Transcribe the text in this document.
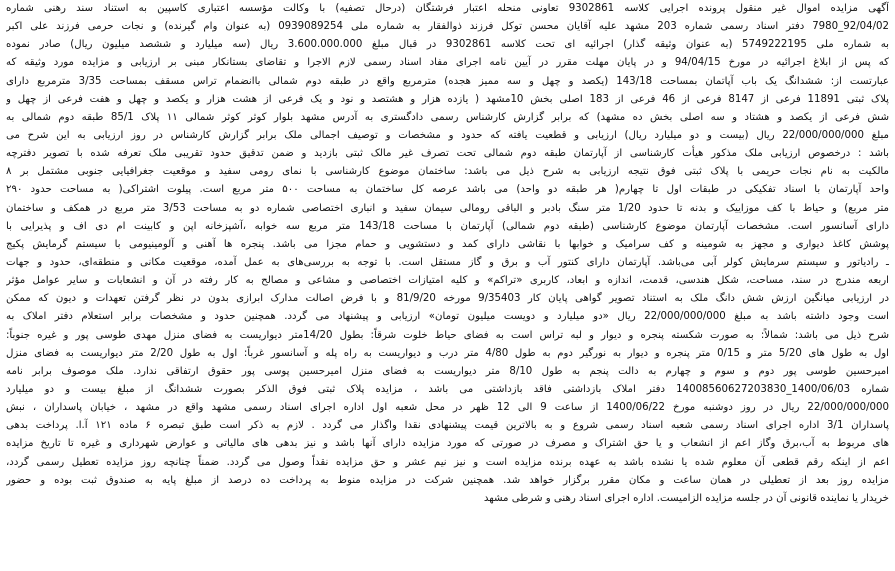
آگهی مزایده اموال غیر منقول پرونده اجرایی کلاسه 9302861 تعاونی منحله اعتبار فرشتگان (درحال تصفیه) با وکالت مؤسسه اعتباری کاسپین به استناد سند رهنی شماره
92/04/02_7980 دفتر اسناد رسمی شماره 203 مشهد علیه آقایان محسن توکل فرزند ذوالفقار به شماره ملی 0939089254 (به عنوان وام گیرنده) و نجات حرمی فرزند علی اکبر
به شماره ملی 5749222195 (به عنوان وثیقه گذار) اجرائیه ای تحت کلاسه 9302861 در قبال مبلغ 3.600.000.000 ریال (سه میلیارد و ششصد میلیون ریال) صادر نموده
که پس از ابلاغ اجرائیه در مورخ 94/04/15 و در پایان مهلت مقرر در آیین نامه اجرای مفاد اسناد رسمی لازم الاجرا و تقاضای بستانکار مبنی بر ارزیابی و مزایده مورد وثیقه که
عبارتست از: ششدانگ یک باب آپاتمان بمساحت 143/18 (یکصد و چهل و سه ممیز هجده) مترمربع واقع در طبقه دوم شمالی باانضمام تراس مسقف بمساحت 3/35 مترمربع دارای
پلاک ثبتی 11891 فرعی از 8147 فرعی از 46 فرعی از 183 اصلی بخش 10مشهد ( یازده هزار و هشتصد و نود و یک فرعی از هشت هزار و یکصد و چهل و هفت فرعی از چهل و
شش فرعی از یکصد و هشتاد و سه اصلی بخش ده مشهد) که برابر گزارش کارشناس رسمی دادگستری به آدرس مشهد بلوار کوثر کوثر شمالی ۱۱ پلاک 85/1 طبقه دوم شمالی به
مبلغ 22/000/000/000 ریال (بیست و دو میلیارد ریال) ارزیابی و قطعیت یافته که حدود و مشخصات و توصیف اجمالی ملک برابر گزارش کارشناس در روز ارزیابی به این شرح می
باشد : درخصوص ارزیابی ملک مذکور هیأت کارشناسی از آپارتمان طبقه دوم شمالی تحت تصرف غیر مالک ثبتی بازدید و ضمن تدقیق حدود تقریبی ملک تعرفه شده با تصویر دفترچه
مالکیت به نام نجات حریمی با پلاک ثبتی فوق نتیجه ارزیابی به شرح ذیل می باشد: ساختمان موضوع کارشناسی با نمای رومی سفید و موقعیت جغرافیایی جنوبی مشتمل بر ۸
واحد آپارتمان با اسناد تفکیکی در طبقات اول تا چهارم( هر طبقه دو واحد) می باشد عرصه کل ساختمان به مساحت ۵۰۰ متر مربع است. پیلوت اشتراکی( به مساحت حدود ۲۹۰
متر مربع) و حیاط با کف موزاییک و بدنه تا حدود 1/20 متر سنگ بادبر و الباقی رومالی سیمان سفید و انباری اختصاصی شماره دو به مساحت 3/53 متر مربع در همکف و ساختمان
دارای آسانسور است. مشخصات آپارتمان موضوع کارشناسی (طبقه دوم شمالی) آپارتمان با مساحت 143/18 متر مربع سه خوابه ،آشپزخانه اپن و کابینت ام دی اف و پذیرایی با
پوشش کاغذ دیواری و مجهز به شومینه و کف سرامیک و خوابها با نقاشی دارای کمد و دستشویی و حمام مجزا می باشد. پنجره ها آهنی و آلومینیومی با سیستم گرمایش پکیج
ـ رادیاتور و سیستم سرمایش کولر آبی می‌باشد. آپارتمان دارای کنتور آب و برق و گاز مستقل است. با توجه به بررسی‌های به عمل آمده، موقعیت مکانی و منطقه‌ای، حدود و جهات
اربعه مندرج در سند، مساحت، شکل هندسی، قدمت، اندازه و ابعاد، کاربری «تراکم» و کلیه امتیازات اختصاصی و مشاعی و مصالح به کار رفته در آن و انشعابات و سایر عوامل مؤثر
در ارزیابی میانگین ارزش شش دانگ ملک به استناد تصویر گواهی پایان کار 9/35403 مورخه 81/9/20 و با فرض اصالت مدارک ابرازی بدون در نظر گرفتن تعهدات و دیون که ممکن
است وجود داشته باشد به مبلغ 22/000/000/000 ریال «دو میلیارد و دویست میلیون تومان» ارزیابی و پیشنهاد می گردد. همچنین حدود و مشخصات برابر استعلام دفتر املاک به
شرح ذیل می باشد: شمالاً: به صورت شکسته پنجره و دیوار و لبه تراس است به فضای حیاط خلوت شرقاً: بطول 14/20متر دیواریست به فضای منزل مهدی طوسی پور و غیره جنوباً:
اول به طول های 5/20 متر و 0/15 متر پنجره و دیوار به نورگیر دوم به طول 4/80 متر درب و دیواریست به راه پله و آسانسور غرباً: اول به طول 2/20 متر دیواریست به فضای منزل
امیرحسین طوسی پور دوم و سوم و چهارم به دالت پنجم به طول 8/10 متر دیواریست به فضای منزل امیرحسین پوسی پور حقوق ارتفاقی ندارد. ملک موصوف برابر نامه
شماره 1400/06/03_14008560627203830 دفتر املاک بازداشتی فاقد بازداشتی می باشد ، مزایده پلاک ثبتی فوق الذکر بصورت ششدانگ از مبلغ بیست و دو میلیارد
22/000/000/000 ریال در روز دوشنبه مورخ 1400/06/22 از ساعت 9 الی 12 ظهر در محل شعبه اول اداره اجرای اسناد رسمی مشهد واقع در مشهد ، خیابان پاسداران ، نبش
پاسداران 3/1 اداره اجرای اسناد رسمی شعبه اسناد رسمی شروع و به بالاترین قیمت پیشنهادی نقدا واگذار می گردد . لازم به ذکر است طبق تبصره ۶ ماده ۱۲۱ آ.ا. پرداخت بدهی
های مربوط به آب،برق وگاز اعم از انشعاب و یا حق اشتراک و مصرف در صورتی که مورد مزایده دارای آنها باشد و نیز بدهی های مالیاتی و عوارض شهرداری و غیره تا تاریخ مزایده
اعم از اینکه رقم قطعی آن معلوم شده یا نشده باشد به عهده برنده مزایده است و نیز نیم عشر و حق مزایده نقداً وصول می گردد. ضمناً چنانچه روز مزایده تعطیل رسمی گردد،
مزایده روز بعد از تعطیلی در همان ساعت و مکان مقرر برگزار خواهد شد. همچنین شرکت در مزایده منوط به پرداخت ده درصد از مبلغ پایه به صندوق ثبت بوده و حضور
خریدار یا نماینده قانونی آن در جلسه مزایده الزامیست. اداره اجرای اسناد رهنی و شرطی مشهد
